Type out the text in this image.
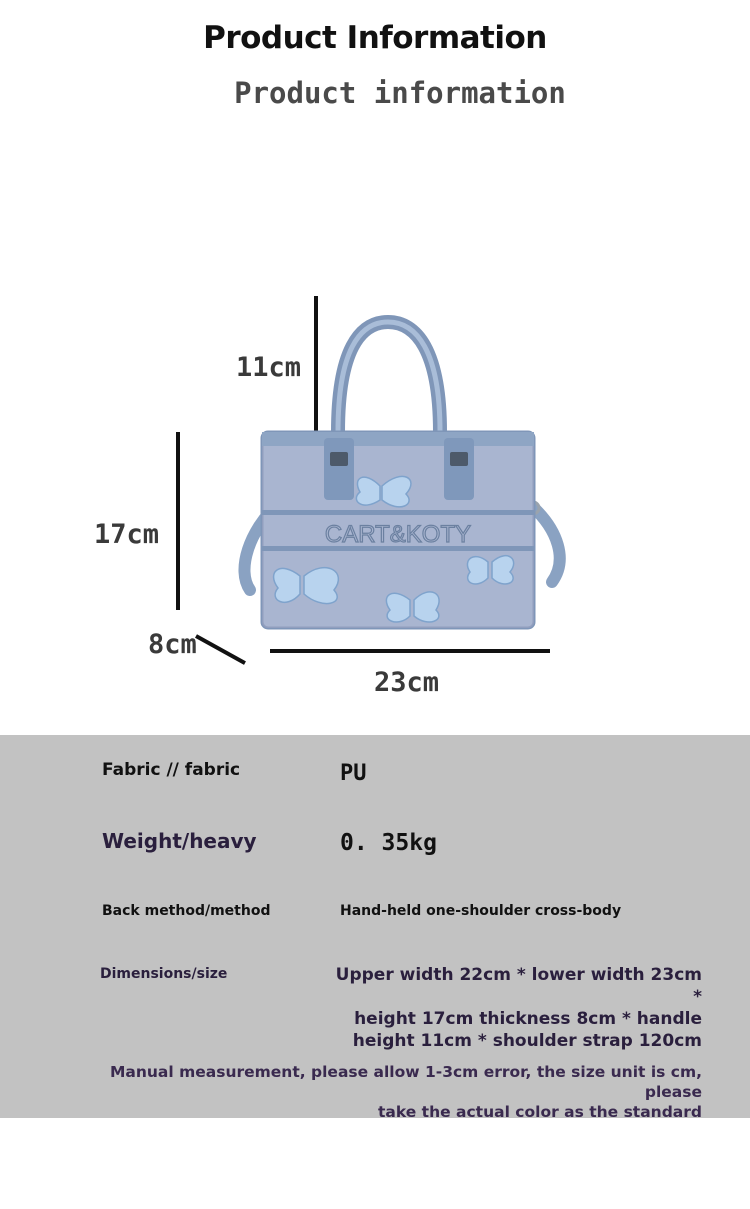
Product Information
Product information
11cm
17cm
8cm
23cm
CART&KOTY
Fabric // fabric	PU
Weight/heavy	0. 35kg
Back method/method	Hand-held one-shoulder cross-body
Dimensions/size	Upper width 22cm * lower width 23cm *
height 17cm thickness 8cm * handle
height 11cm * shoulder strap 120cm
Manual measurement, please allow 1-3cm error, the size unit is cm, please
take the actual color as the standard
